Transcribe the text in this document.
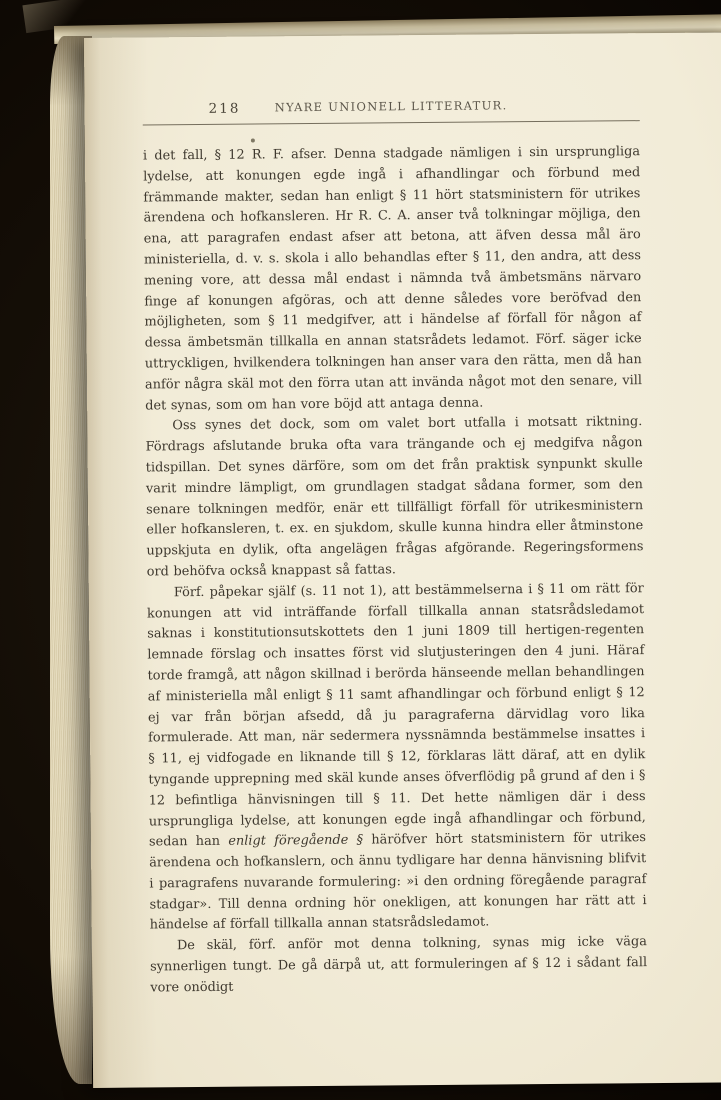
218	NYARE UNIONELL LITTERATUR.

i det fall, § 12 R. F. afser. Denna stadgade nämligen i sin ursprungliga lydelse, att konungen egde ingå i afhandlingar och förbund med främmande makter, sedan han enligt § 11 hört statsministern för utrikes ärendena och hofkansleren. Hr R. C. A. anser två tolkningar möjliga, den ena, att paragrafen endast afser att betona, att äfven dessa mål äro ministeriella, d. v. s. skola i allo behandlas efter § 11, den andra, att dess mening vore, att dessa mål endast i nämnda två ämbetsmäns närvaro finge af konungen afgöras, och att denne således vore beröfvad den möjligheten, som § 11 medgifver, att i händelse af förfall för någon af dessa ämbetsmän tillkalla en annan statsrådets ledamot. Förf. säger icke uttryckligen, hvilkendera tolkningen han anser vara den rätta, men då han anför några skäl mot den förra utan att invända något mot den senare, vill det synas, som om han vore böjd att antaga denna.

Oss synes det dock, som om valet bort utfalla i motsatt riktning. Fördrags afslutande bruka ofta vara trängande och ej medgifva någon tidspillan. Det synes därföre, som om det från praktisk synpunkt skulle varit mindre lämpligt, om grundlagen stadgat sådana former, som den senare tolkningen medför, enär ett tillfälligt förfall för utrikesministern eller hofkansleren, t. ex. en sjukdom, skulle kunna hindra eller åtminstone uppskjuta en dylik, ofta angelägen frågas afgörande. Regeringsformens ord behöfva också knappast så fattas.

Förf. påpekar själf (s. 11 not 1), att bestämmelserna i § 11 om rätt för konungen att vid inträffande förfall tillkalla annan statsrådsledamot saknas i konstitutionsutskottets den 1 juni 1809 till hertigen-regenten lemnade förslag och insattes först vid slutjusteringen den 4 juni. Häraf torde framgå, att någon skillnad i berörda hänseende mellan behandlingen af ministeriella mål enligt § 11 samt afhandlingar och förbund enligt § 12 ej var från början afsedd, då ju paragraferna därvidlag voro lika formulerade. Att man, när sedermera nyssnämnda bestämmelse insattes i § 11, ej vidfogade en liknande till § 12, förklaras lätt däraf, att en dylik tyngande upprepning med skäl kunde anses öfverflödig på grund af den i § 12 befintliga hänvisningen till § 11. Det hette nämligen där i dess ursprungliga lydelse, att konungen egde ingå afhandlingar och förbund, sedan han enligt föregående § häröfver hört statsministern för utrikes ärendena och hofkanslern, och ännu tydligare har denna hänvisning blifvit i paragrafens nuvarande formulering: »i den ordning föregående paragraf stadgar». Till denna ordning hör onekligen, att konungen har rätt att i händelse af förfall tillkalla annan statsrådsledamot.

De skäl, förf. anför mot denna tolkning, synas mig icke väga synnerligen tungt. De gå därpå ut, att formuleringen af § 12 i sådant fall vore onödigt
